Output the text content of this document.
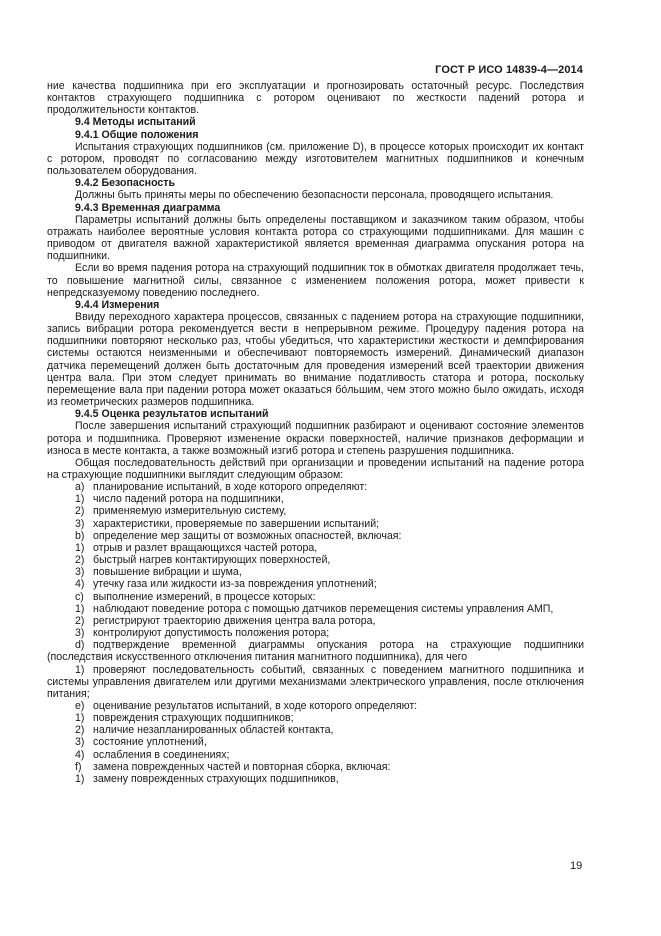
ГОСТ Р ИСО 14839-4—2014

ние качества подшипника при его эксплуатации и прогнозировать остаточный ресурс. Последствия контактов страхующего подшипника с ротором оценивают по жесткости падений ротора и продолжительности контактов.

9.4 Методы испытаний

9.4.1 Общие положения

Испытания страхующих подшипников (см. приложение D), в процессе которых происходит их контакт с ротором, проводят по согласованию между изготовителем магнитных подшипников и конечным пользователем оборудования.

9.4.2 Безопасность

Должны быть приняты меры по обеспечению безопасности персонала, проводящего испытания.

9.4.3 Временная диаграмма

Параметры испытаний должны быть определены поставщиком и заказчиком таким образом, чтобы отражать наиболее вероятные условия контакта ротора со страхующими подшипниками. Для машин с приводом от двигателя важной характеристикой является временная диаграмма опускания ротора на подшипники.

Если во время падения ротора на страхующий подшипник ток в обмотках двигателя продолжает течь, то повышение магнитной силы, связанное с изменением положения ротора, может привести к непредсказуемому поведению последнего.

9.4.4 Измерения

Ввиду переходного характера процессов, связанных с падением ротора на страхующие подшипники, запись вибрации ротора рекомендуется вести в непрерывном режиме. Процедуру падения ротора на подшипники повторяют несколько раз, чтобы убедиться, что характеристики жесткости и демпфирования системы остаются неизменными и обеспечивают повторяемость измерений. Динамический диапазон датчика перемещений должен быть достаточным для проведения измерений всей траектории движения центра вала. При этом следует принимать во внимание податливость статора и ротора, поскольку перемещение вала при падении ротора может оказаться бóльшим, чем этого можно было ожидать, исходя из геометрических размеров подшипника.

9.4.5 Оценка результатов испытаний

После завершения испытаний страхующий подшипник разбирают и оценивают состояние элементов ротора и подшипника. Проверяют изменение окраски поверхностей, наличие признаков деформации и износа в месте контакта, а также возможный изгиб ротора и степень разрушения подшипника.

Общая последовательность действий при организации и проведении испытаний на падение ротора на страхующие подшипники выглядит следующим образом:

a) планирование испытаний, в ходе которого определяют:

1) число падений ротора на подшипники,

2) применяемую измерительную систему,

3) характеристики, проверяемые по завершении испытаний;

b) определение мер защиты от возможных опасностей, включая:

1) отрыв и разлет вращающихся частей ротора,

2) быстрый нагрев контактирующих поверхностей,

3) повышение вибрации и шума,

4) утечку газа или жидкости из-за повреждения уплотнений;

c) выполнение измерений, в процессе которых:

1) наблюдают поведение ротора с помощью датчиков перемещения системы управления АМП,

2) регистрируют траекторию движения центра вала ротора,

3) контролируют допустимость положения ротора;

d) подтверждение временной диаграммы опускания ротора на страхующие подшипники (последствия искусственного отключения питания магнитного подшипника), для чего

1) проверяют последовательность событий, связанных с поведением магнитного подшипника и системы управления двигателем или другими механизмами электрического управления, после отключения питания;

e) оценивание результатов испытаний, в ходе которого определяют:

1) повреждения страхующих подшипников;

2) наличие незапланированных областей контакта,

3) состояние уплотнений,

4) ослабления в соединениях;

f) замена поврежденных частей и повторная сборка, включая:

1) замену поврежденных страхующих подшипников,

19
